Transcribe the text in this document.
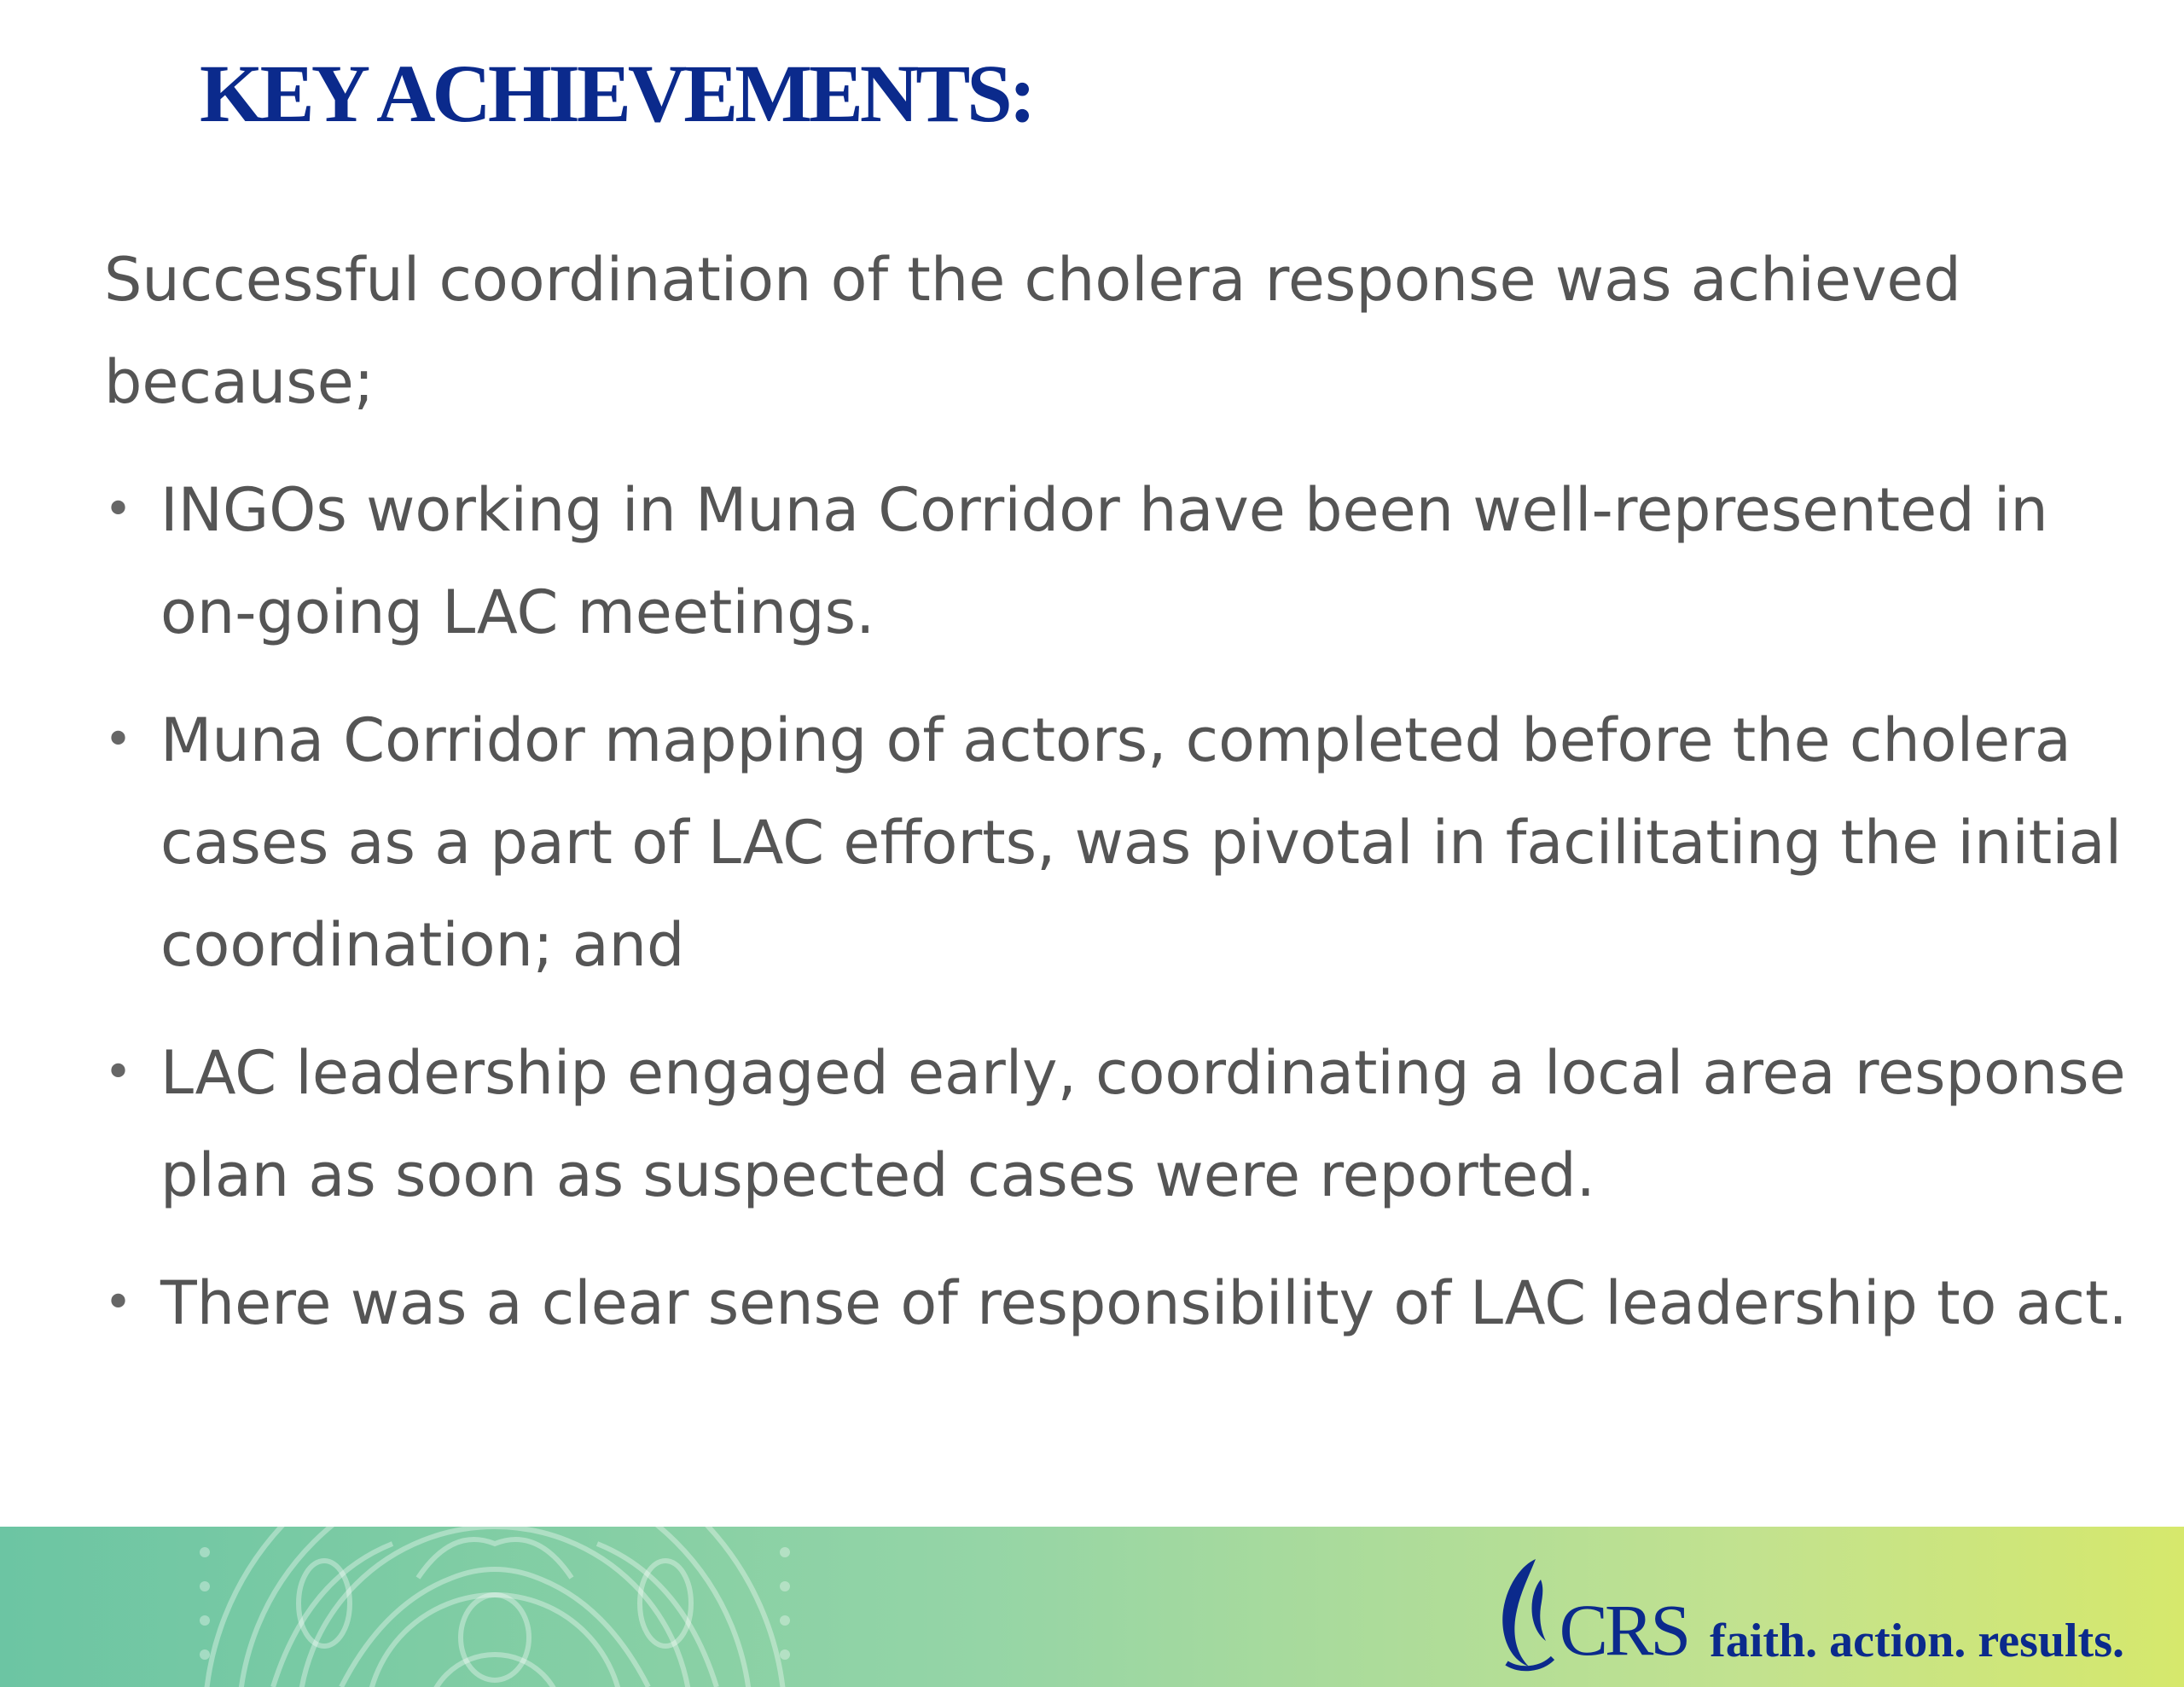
KEY ACHIEVEMENTS:

Successful coordination of the cholera response was achieved because;

• INGOs working in Muna Corridor have been well-represented in on-going LAC meetings.
• Muna Corridor mapping of actors, completed before the cholera cases as a part of LAC efforts, was pivotal in facilitating the initial coordination; and
• LAC leadership engaged early, coordinating a local area response plan as soon as suspected cases were reported.
• There was a clear sense of responsibility of LAC leadership to act.
CRS faith. action. results.
